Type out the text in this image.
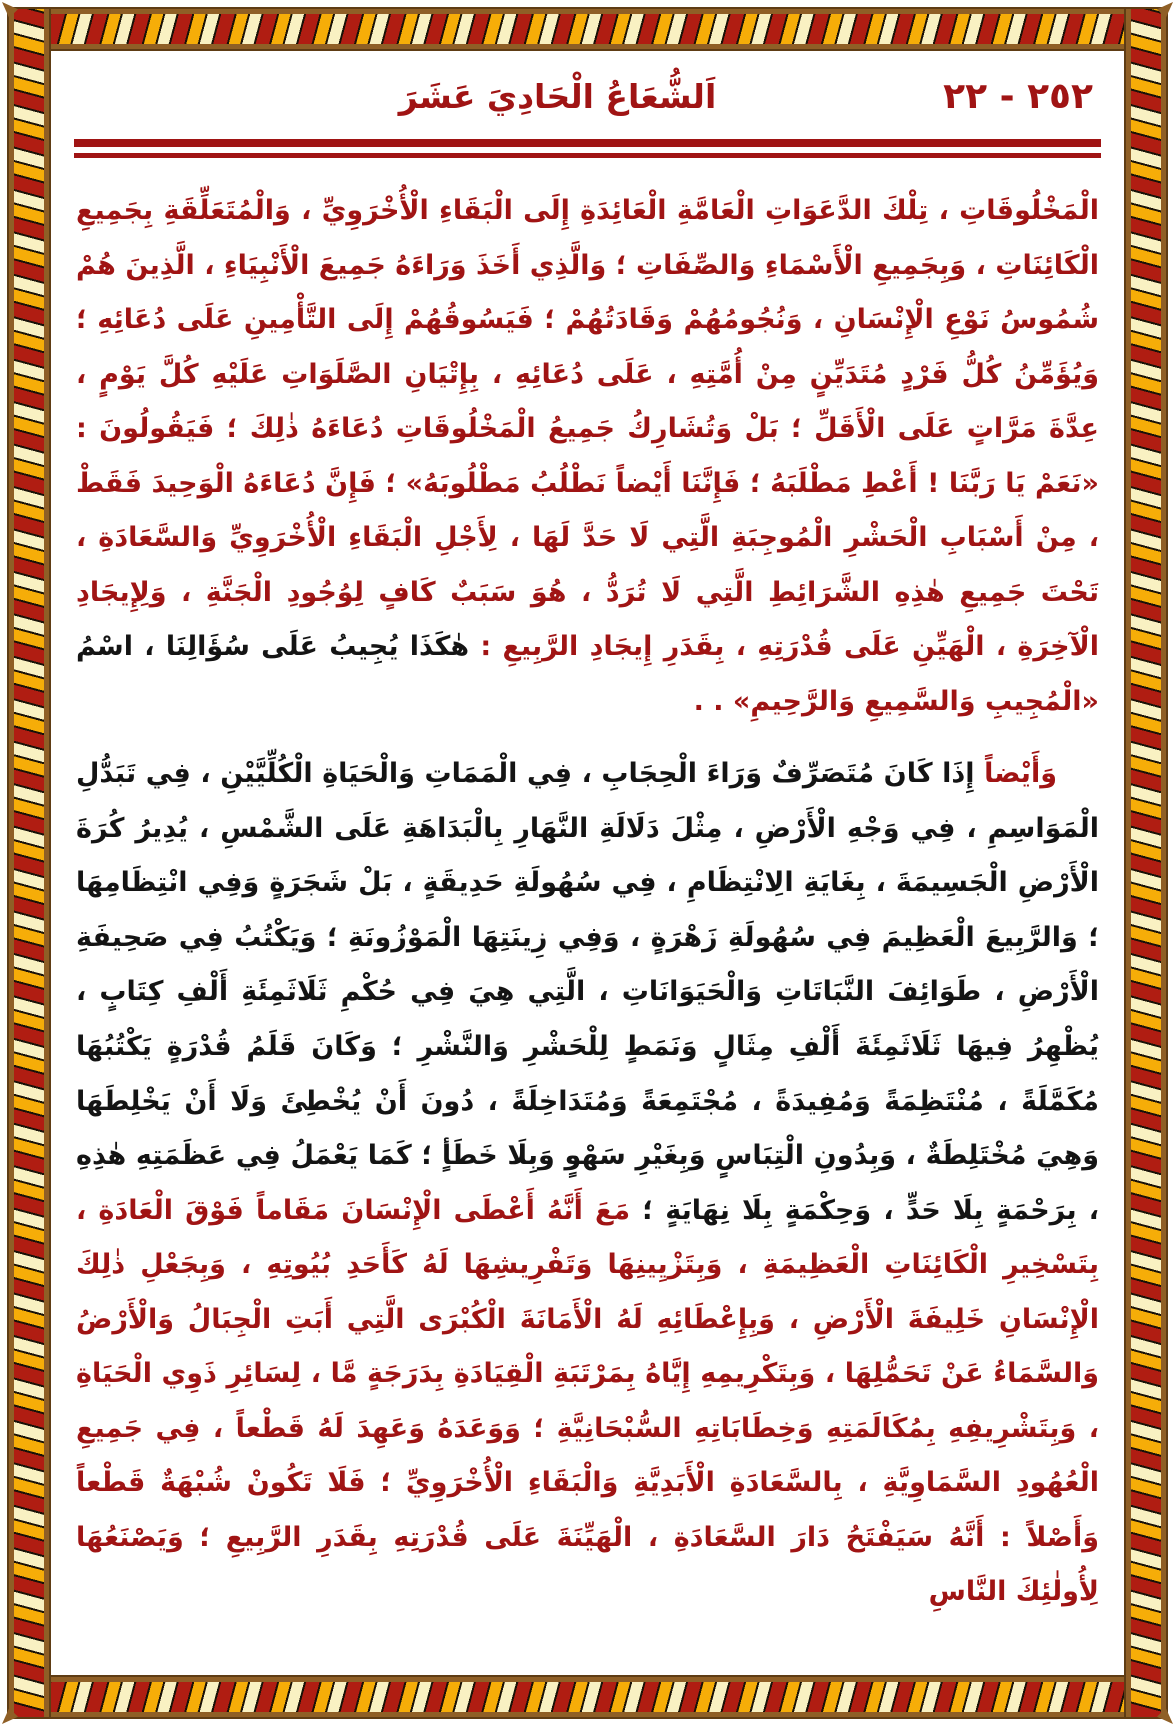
٢٥٢ - ٢٢
اَلشُّعَاعُ الْحَادِيَ عَشَرَ

الْمَخْلُوقَاتِ ، تِلْكَ الدَّعَوَاتِ الْعَامَّةِ الْعَائِدَةِ إِلَى الْبَقَاءِ الْأُخْرَوِيِّ ، وَالْمُتَعَلِّقَةِ بِجَمِيعِ الْكَائِنَاتِ ، وَبِجَمِيعِ الْأَسْمَاءِ وَالصِّفَاتِ ؛ وَالَّذِي أَخَذَ وَرَاءَهُ جَمِيعَ الْأَنْبِيَاءِ ، الَّذِينَ هُمْ شُمُوسُ نَوْعِ الْإِنْسَانِ ، وَنُجُومُهُمْ وَقَادَتُهُمْ ؛ فَيَسُوقُهُمْ إِلَى التَّأْمِينِ عَلَى دُعَائِهِ ؛ وَيُؤَمِّنُ كُلُّ فَرْدٍ مُتَدَيِّنٍ مِنْ أُمَّتِهِ ، عَلَى دُعَائِهِ ، بِإِتْيَانِ الصَّلَوَاتِ عَلَيْهِ كُلَّ يَوْمٍ ، عِدَّةَ مَرَّاتٍ عَلَى الْأَقَلِّ ؛ بَلْ وَتُشَارِكُ جَمِيعُ الْمَخْلُوقَاتِ دُعَاءَهُ ذٰلِكَ ؛ فَيَقُولُونَ : «نَعَمْ يَا رَبَّنَا ! أَعْطِ مَطْلَبَهُ ؛ فَإِنَّنَا أَيْضاً نَطْلُبُ مَطْلُوبَهُ» ؛ فَإِنَّ دُعَاءَهُ الْوَحِيدَ فَقَطْ ، مِنْ أَسْبَابِ الْحَشْرِ الْمُوجِبَةِ الَّتِي لَا حَدَّ لَهَا ، لِأَجْلِ الْبَقَاءِ الْأُخْرَوِيِّ وَالسَّعَادَةِ ، تَحْتَ جَمِيعِ هٰذِهِ الشَّرَائِطِ الَّتِي لَا تُرَدُّ ، هُوَ سَبَبٌ كَافٍ لِوُجُودِ الْجَنَّةِ ، وَلِإِيجَادِ الْآخِرَةِ ، الْهَيِّنِ عَلَى قُدْرَتِهِ ، بِقَدَرِ إِيجَادِ الرَّبِيعِ : هٰكَذَا يُجِيبُ عَلَى سُؤَالِنَا ، اسْمُ «الْمُجِيبِ وَالسَّمِيعِ وَالرَّحِيمِ» . .

وَأَيْضاً إِذَا كَانَ مُتَصَرِّفٌ وَرَاءَ الْحِجَابِ ، فِي الْمَمَاتِ وَالْحَيَاةِ الْكُلِّيَّيْنِ ، فِي تَبَدُّلِ الْمَوَاسِمِ ، فِي وَجْهِ الْأَرْضِ ، مِثْلَ دَلَالَةِ النَّهَارِ بِالْبَدَاهَةِ عَلَى الشَّمْسِ ، يُدِيرُ كُرَةَ الْأَرْضِ الْجَسِيمَةَ ، بِغَايَةِ الِانْتِظَامِ ، فِي سُهُولَةِ حَدِيقَةٍ ، بَلْ شَجَرَةٍ وَفِي انْتِظَامِهَا ؛ وَالرَّبِيعَ الْعَظِيمَ فِي سُهُولَةِ زَهْرَةٍ ، وَفِي زِينَتِهَا الْمَوْزُونَةِ ؛ وَيَكْتُبُ فِي صَحِيفَةِ الْأَرْضِ ، طَوَائِفَ النَّبَاتَاتِ وَالْحَيَوَانَاتِ ، الَّتِي هِيَ فِي حُكْمِ ثَلَاثَمِئَةِ أَلْفِ كِتَابٍ ، يُظْهِرُ فِيهَا ثَلَاثَمِئَةَ أَلْفِ مِثَالٍ وَنَمَطٍ لِلْحَشْرِ وَالنَّشْرِ ؛ وَكَانَ قَلَمُ قُدْرَةٍ يَكْتُبُهَا مُكَمَّلَةً ، مُنْتَظِمَةً وَمُفِيدَةً ، مُجْتَمِعَةً وَمُتَدَاخِلَةً ، دُونَ أَنْ يُخْطِئَ وَلَا أَنْ يَخْلِطَهَا وَهِيَ مُخْتَلِطَةٌ ، وَبِدُونِ الْتِبَاسٍ وَبِغَيْرِ سَهْوٍ وَبِلَا خَطَأٍ ؛ كَمَا يَعْمَلُ فِي عَظَمَتِهِ هٰذِهِ ، بِرَحْمَةٍ بِلَا حَدٍّ ، وَحِكْمَةٍ بِلَا نِهَايَةٍ ؛ مَعَ أَنَّهُ أَعْطَى الْإِنْسَانَ مَقَاماً فَوْقَ الْعَادَةِ ، بِتَسْخِيرِ الْكَائِنَاتِ الْعَظِيمَةِ ، وَبِتَزْيِينِهَا وَتَفْرِيشِهَا لَهُ كَأَحَدِ بُيُوتِهِ ، وَبِجَعْلِ ذٰلِكَ الْإِنْسَانِ خَلِيفَةَ الْأَرْضِ ، وَبِإِعْطَائِهِ لَهُ الْأَمَانَةَ الْكُبْرَى الَّتِي أَبَتِ الْجِبَالُ وَالْأَرْضُ وَالسَّمَاءُ عَنْ تَحَمُّلِهَا ، وَبِتَكْرِيمِهِ إِيَّاهُ بِمَرْتَبَةِ الْقِيَادَةِ بِدَرَجَةٍ مَّا ، لِسَائِرِ ذَوِي الْحَيَاةِ ، وَبِتَشْرِيفِهِ بِمُكَالَمَتِهِ وَخِطَابَاتِهِ السُّبْحَانِيَّةِ ؛ وَوَعَدَهُ وَعَهِدَ لَهُ قَطْعاً ، فِي جَمِيعِ الْعُهُودِ السَّمَاوِيَّةِ ، بِالسَّعَادَةِ الْأَبَدِيَّةِ وَالْبَقَاءِ الْأُخْرَوِيِّ ؛ فَلَا تَكُونْ شُبْهَةٌ قَطْعاً وَأَصْلاً : أَنَّهُ سَيَفْتَحُ دَارَ السَّعَادَةِ ، الْهَيِّنَةَ عَلَى قُدْرَتِهِ بِقَدَرِ الرَّبِيعِ ؛ وَيَصْنَعُهَا لِأُولٰئِكَ النَّاسِ
